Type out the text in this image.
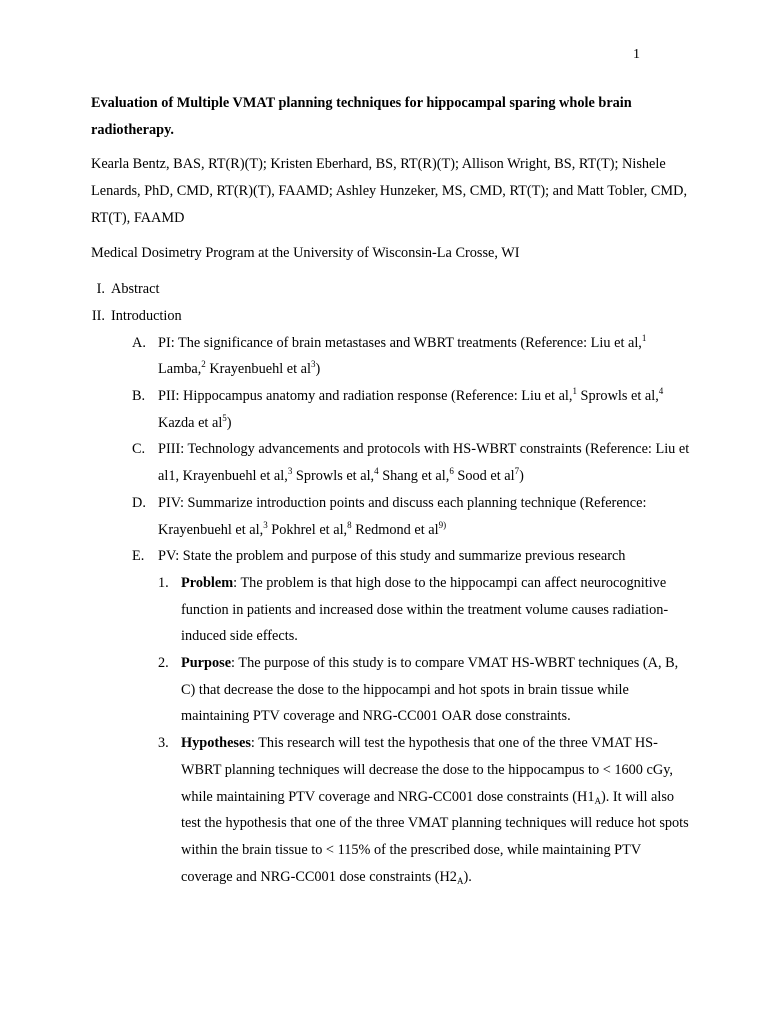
1

Evaluation of Multiple VMAT planning techniques for hippocampal sparing whole brain radiotherapy.

Kearla Bentz, BAS, RT(R)(T); Kristen Eberhard, BS, RT(R)(T); Allison Wright, BS, RT(T); Nishele Lenards, PhD, CMD, RT(R)(T), FAAMD; Ashley Hunzeker, MS, CMD, RT(T); and Matt Tobler, CMD, RT(T), FAAMD

Medical Dosimetry Program at the University of Wisconsin-La Crosse, WI

I. Abstract
II. Introduction
A. PI: The significance of brain metastases and WBRT treatments (Reference: Liu et al,$^1$ Lamba,$^2$ Krayenbuehl et $al^3$)
B. PII: Hippocampus anatomy and radiation response (Reference: Liu et al,$^1$ Sprowls et al,$^4$ Kazda et $al^5$)
C. PIII: Technology advancements and protocols with HS-WBRT constraints (Reference: Liu et al1, Krayenbuehl et al,$^3$ Sprowls et al,$^4$ Shang et al,$^6$ Sood et $al^7$)
D. PIV: Summarize introduction points and discuss each planning technique (Reference: Krayenbuehl et al,$^3$ Pokhrel et al,$^8$ Redmond et $al^{9)}$
E. PV: State the problem and purpose of this study and summarize previous research
1. Problem: The problem is that high dose to the hippocampi can affect neurocognitive function in patients and increased dose within the treatment volume causes radiation-induced side effects.
2. Purpose: The purpose of this study is to compare VMAT HS-WBRT techniques (A, B, C) that decrease the dose to the hippocampi and hot spots in brain tissue while maintaining PTV coverage and NRG-CC001 OAR dose constraints.
3. Hypotheses: This research will test the hypothesis that one of the three VMAT HS-WBRT planning techniques will decrease the dose to the hippocampus to < 1600 cGy, while maintaining PTV coverage and NRG-CC001 dose constraints $(H1_A)$. It will also test the hypothesis that one of the three VMAT planning techniques will reduce hot spots within the brain tissue to < 115% of the prescribed dose, while maintaining PTV coverage and NRG-CC001 dose constraints $(H2_A)$.
